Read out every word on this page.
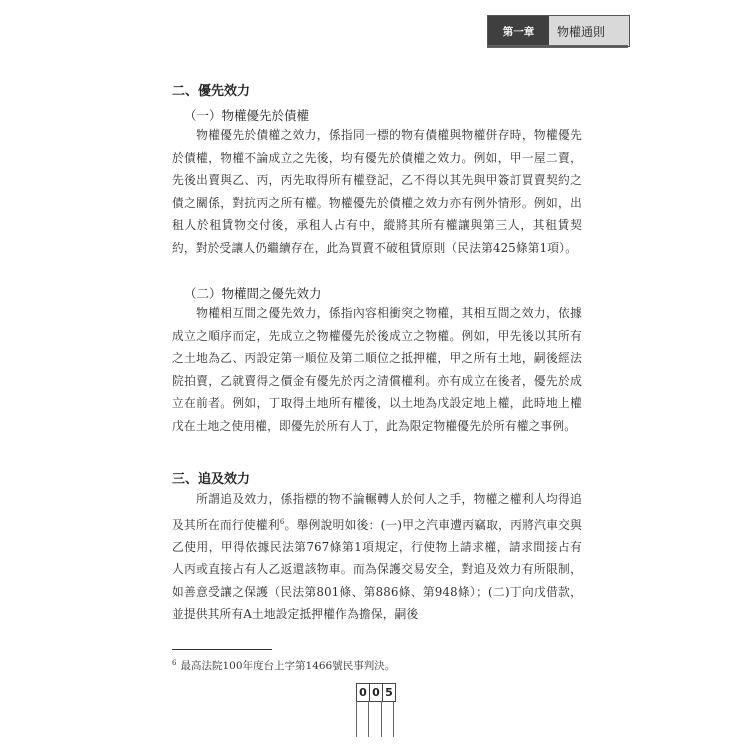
第一章	物權通則
二、優先效力
（一）物權優先於債權

物權優先於債權之效力，係指同一標的物有債權與物權併存時，物權優先於債權，物權不論成立之先後，均有優先於債權之效力。例如，甲一屋二賣，先後出賣與乙、丙，丙先取得所有權登記，乙不得以其先與甲簽訂買賣契約之債之關係，對抗丙之所有權。物權優先於債權之效力亦有例外情形。例如，出租人於租賃物交付後，承租人占有中，縱將其所有權讓與第三人，其租賃契約，對於受讓人仍繼續存在，此為買賣不破租賃原則（民法第425條第1項）。

（二）物權間之優先效力

物權相互間之優先效力，係指內容相衝突之物權，其相互間之效力，依據成立之順序而定，先成立之物權優先於後成立之物權。例如，甲先後以其所有之土地為乙、丙設定第一順位及第二順位之抵押權，甲之所有土地，嗣後經法院拍賣，乙就賣得之價金有優先於丙之清償權利。亦有成立在後者，優先於成立在前者。例如，丁取得土地所有權後，以土地為戊設定地上權，此時地上權戊在土地之使用權，即優先於所有人丁，此為限定物權優先於所有權之事例。

三、追及效力

所謂追及效力，係指標的物不論輾轉人於何人之手，物權之權利人均得追及其所在而行使權利$^6$。舉例說明如後：(一)甲之汽車遭丙竊取，丙將汽車交與乙使用，甲得依據民法第767條第1項規定，行使物上請求權，請求間接占有人丙或直接占有人乙返還該物車。而為保護交易安全，對追及效力有所限制，如善意受讓之保護（民法第801條、第886條、第948條）；(二)丁向戊借款，並提供其所有A土地設定抵押權作為擔保，嗣後

$^6$ 最高法院100年度台上字第1466號民事判決。
0 0 5
